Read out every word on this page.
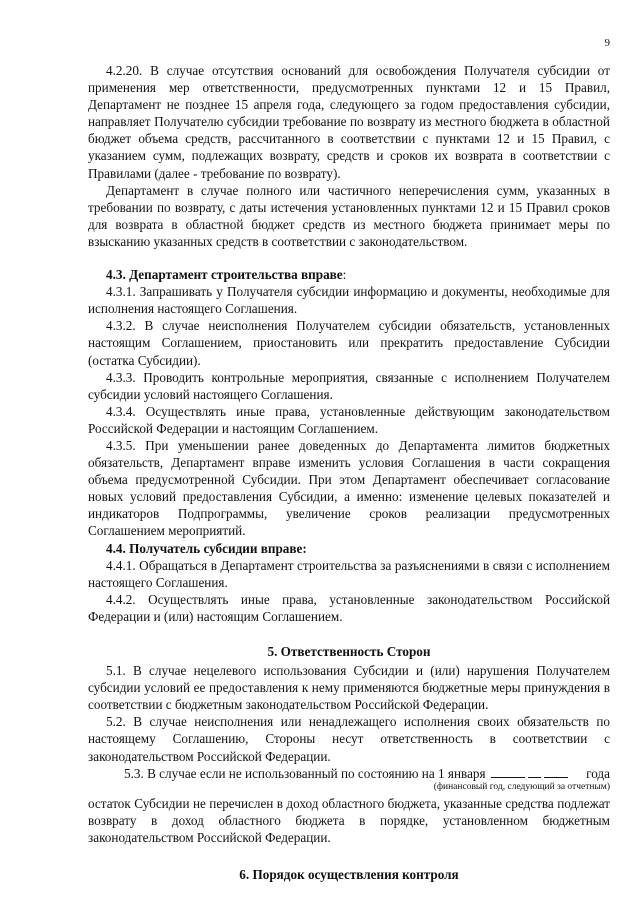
9

4.2.20. В случае отсутствия оснований для освобождения Получателя субсидии от применения мер ответственности, предусмотренных пунктами 12 и 15 Правил, Департамент не позднее 15 апреля года, следующего за годом предоставления субсидии, направляет Получателю субсидии требование по возврату из местного бюджета в областной бюджет объема средств, рассчитанного в соответствии с пунктами 12 и 15 Правил, с указанием сумм, подлежащих возврату, средств и сроков их возврата в соответствии с Правилами (далее - требование по возврату).

Департамент в случае полного или частичного неперечисления сумм, указанных в требовании по возврату, с даты истечения установленных пунктами 12 и 15 Правил сроков для возврата в областной бюджет средств из местного бюджета принимает меры по взысканию указанных средств в соответствии с законодательством.

4.3. Департамент строительства вправе:

4.3.1. Запрашивать у Получателя субсидии информацию и документы, необходимые для исполнения настоящего Соглашения.

4.3.2. В случае неисполнения Получателем субсидии обязательств, установленных настоящим Соглашением, приостановить или прекратить предоставление Субсидии (остатка Субсидии).

4.3.3. Проводить контрольные мероприятия, связанные с исполнением Получателем субсидии условий настоящего Соглашения.

4.3.4. Осуществлять иные права, установленные действующим законодательством Российской Федерации и настоящим Соглашением.

4.3.5. При уменьшении ранее доведенных до Департамента лимитов бюджетных обязательств, Департамент вправе изменить условия Соглашения в части сокращения объема предусмотренной Субсидии. При этом Департамент обеспечивает согласование новых условий предоставления Субсидии, а именно: изменение целевых показателей и индикаторов Подпрограммы, увеличение сроков реализации предусмотренных Соглашением мероприятий.

4.4. Получатель субсидии вправе:

4.4.1. Обращаться в Департамент строительства за разъяснениями в связи с исполнением настоящего Соглашения.

4.4.2. Осуществлять иные права, установленные законодательством Российской Федерации и (или) настоящим Соглашением.

5. Ответственность Сторон

5.1. В случае нецелевого использования Субсидии и (или) нарушения Получателем субсидии условий ее предоставления к нему применяются бюджетные меры принуждения в соответствии с бюджетным законодательством Российской Федерации.

5.2. В случае неисполнения или ненадлежащего исполнения своих обязательств по настоящему Соглашению, Стороны несут ответственность в соответствии с законодательством Российской Федерации.

5.3. В случае если не использованный по состоянию на 1 января	года
(финансовый год, следующий за отчетным)

остаток Субсидии не перечислен в доход областного бюджета, указанные средства подлежат возврату в доход областного бюджета в порядке, установленном бюджетным законодательством Российской Федерации.

6. Порядок осуществления контроля
